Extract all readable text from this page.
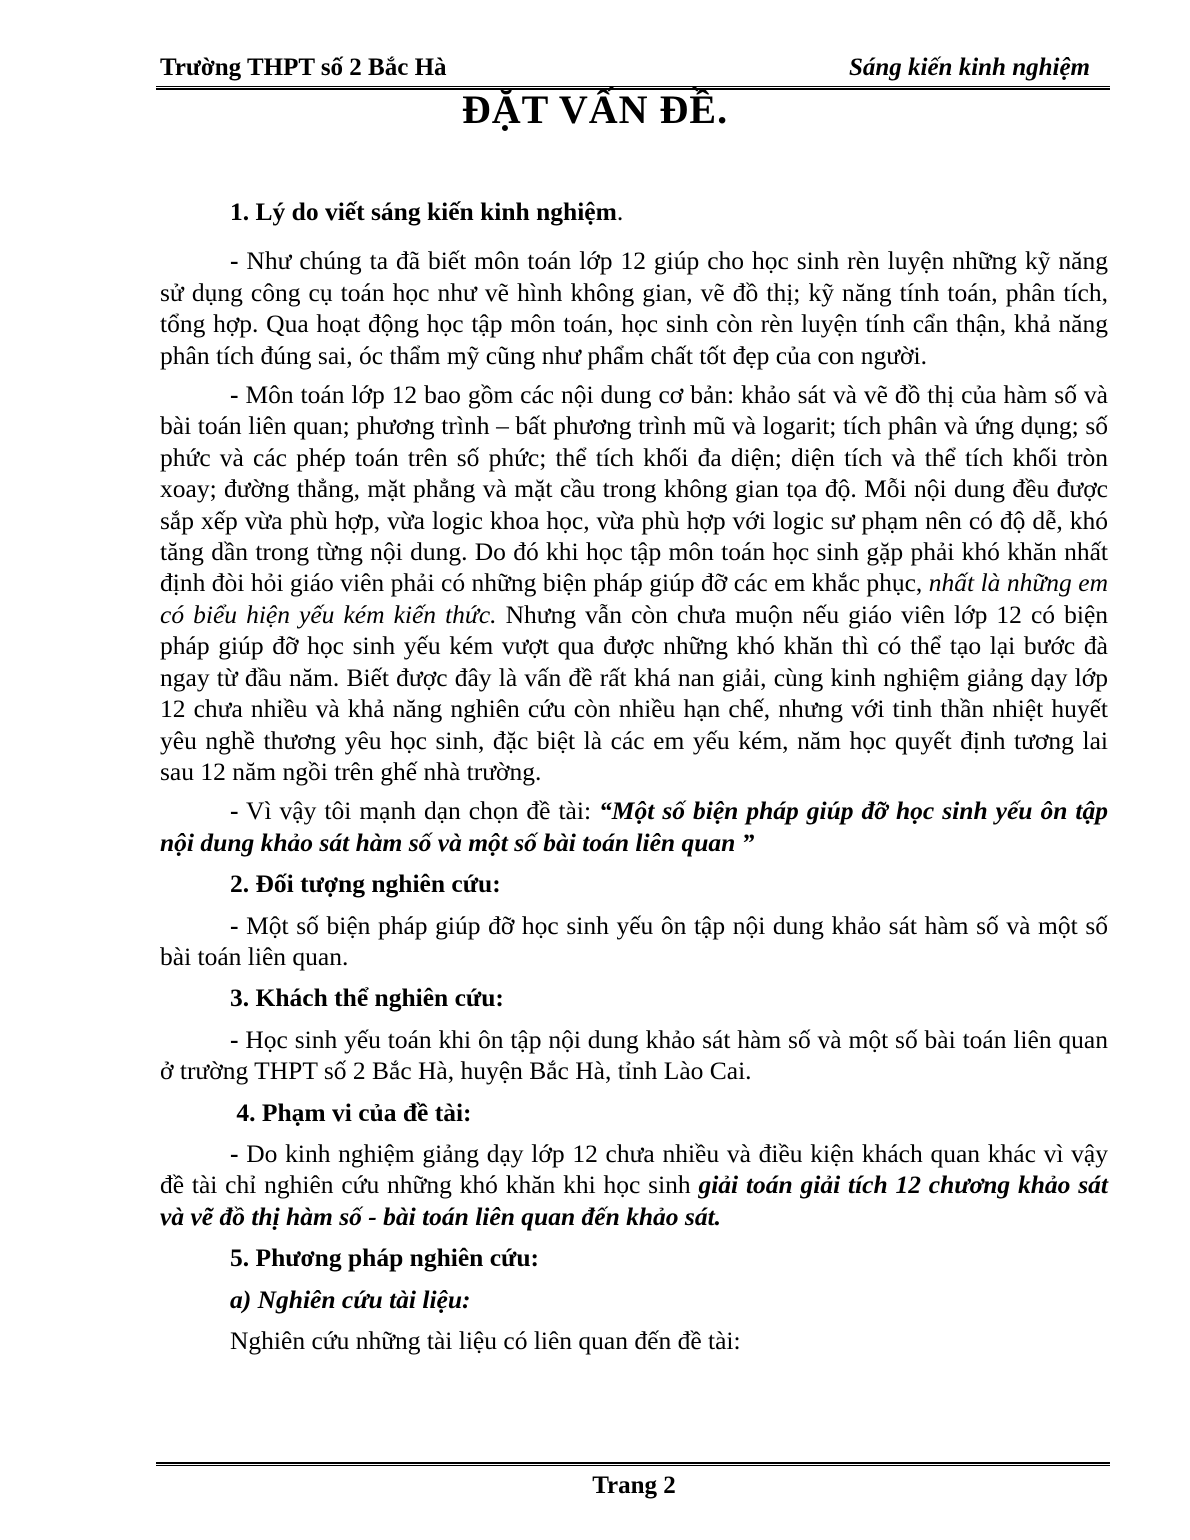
Trường THPT số 2 Bắc Hà	Sáng kiến kinh nghiệm
ĐẶT VẤN ĐỀ.

1. Lý do viết sáng kiến kinh nghiệm.

- Như chúng ta đã biết môn toán lớp 12 giúp cho học sinh rèn luyện những kỹ năng sử dụng công cụ toán học như vẽ hình không gian, vẽ đồ thị; kỹ năng tính toán, phân tích, tổng hợp. Qua hoạt động học tập môn toán, học sinh còn rèn luyện tính cẩn thận, khả năng phân tích đúng sai, óc thẩm mỹ cũng như phẩm chất tốt đẹp của con người.

- Môn toán lớp 12 bao gồm các nội dung cơ bản: khảo sát và vẽ đồ thị của hàm số và bài toán liên quan; phương trình – bất phương trình mũ và logarit; tích phân và ứng dụng; số phức và các phép toán trên số phức; thể tích khối đa diện; diện tích và thể tích khối tròn xoay; đường thẳng, mặt phẳng và mặt cầu trong không gian tọa độ. Mỗi nội dung đều được sắp xếp vừa phù hợp, vừa logic khoa học, vừa phù hợp với logic sư phạm nên có độ dễ, khó tăng dần trong từng nội dung. Do đó khi học tập môn toán học sinh gặp phải khó khăn nhất định đòi hỏi giáo viên phải có những biện pháp giúp đỡ các em khắc phục, nhất là những em có biểu hiện yếu kém kiến thức. Nhưng vẫn còn chưa muộn nếu giáo viên lớp 12 có biện pháp giúp đỡ học sinh yếu kém vượt qua được những khó khăn thì có thể tạo lại bước đà ngay từ đầu năm. Biết được đây là vấn đề rất khá nan giải, cùng kinh nghiệm giảng dạy lớp 12 chưa nhiều và khả năng nghiên cứu còn nhiều hạn chế, nhưng với tinh thần nhiệt huyết yêu nghề thương yêu học sinh, đặc biệt là các em yếu kém, năm học quyết định tương lai sau 12 năm ngồi trên ghế nhà trường.

- Vì vậy tôi mạnh dạn chọn đề tài: “Một số biện pháp giúp đỡ học sinh yếu ôn tập nội dung khảo sát hàm số và một số bài toán liên quan ”

2. Đối tượng nghiên cứu:

- Một số biện pháp giúp đỡ học sinh yếu ôn tập nội dung khảo sát hàm số và một số bài toán liên quan.

3. Khách thể nghiên cứu:

- Học sinh yếu toán khi ôn tập nội dung khảo sát hàm số và một số bài toán liên quan ở trường THPT số 2 Bắc Hà, huyện Bắc Hà, tỉnh Lào Cai.

4. Phạm vi của đề tài:

- Do kinh nghiệm giảng dạy lớp 12 chưa nhiều và điều kiện khách quan khác vì vậy đề tài chỉ nghiên cứu những khó khăn khi học sinh giải toán giải tích 12 chương khảo sát và vẽ đồ thị hàm số - bài toán liên quan đến khảo sát.

5. Phương pháp nghiên cứu:

a) Nghiên cứu tài liệu:

Nghiên cứu những tài liệu có liên quan đến đề tài:

Trang 2
